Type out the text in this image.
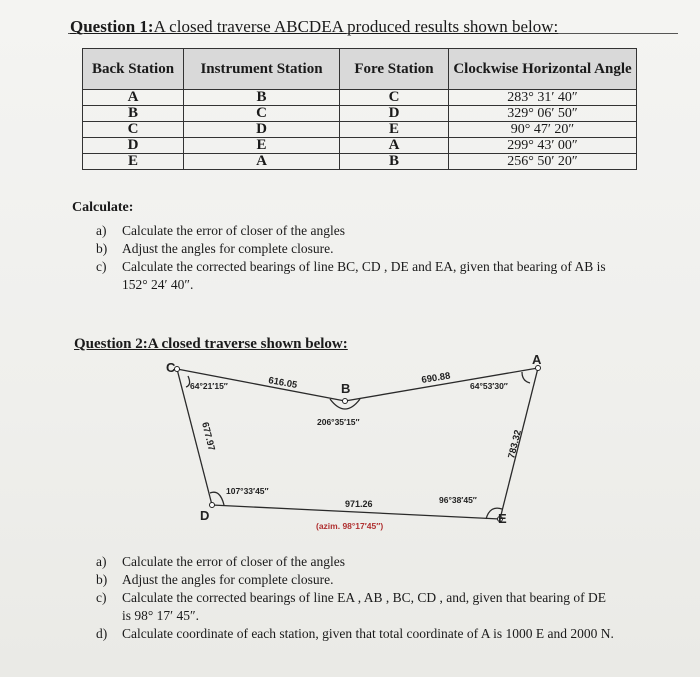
Question 1:A closed traverse ABCDEA produced results shown below:
Back Station	Instrument Station	Fore Station	Clockwise Horizontal Angle
A	B	C	283° 31′ 40″
B	C	D	329° 06′ 50″
C	D	E	90° 47′ 20″
D	E	A	299° 43′ 00″
E	A	B	256° 50′ 20″
Calculate:
a)	Calculate the error of closer of the angles
b)	Adjust the angles for complete closure.
c)	Calculate the corrected bearings of line BC, CD , DE and EA, given that bearing of AB is 152° 24′ 40″.
Question 2:A closed traverse shown below:
C
B
A
D	E
616.05	690.88
677.97
971.26
783.32
64°21′15″
206°35′15″
64°53′30″
107°33′45″
96°38′45″
(azim. 98°17′45″)
a)	Calculate the error of closer of the angles
b)	Adjust the angles for complete closure.
c)	Calculate the corrected bearings of line EA , AB , BC, CD , and, given that bearing of DE is 98° 17′ 45″.
d)	Calculate coordinate of each station, given that total coordinate of A is 1000 E and 2000 N.
